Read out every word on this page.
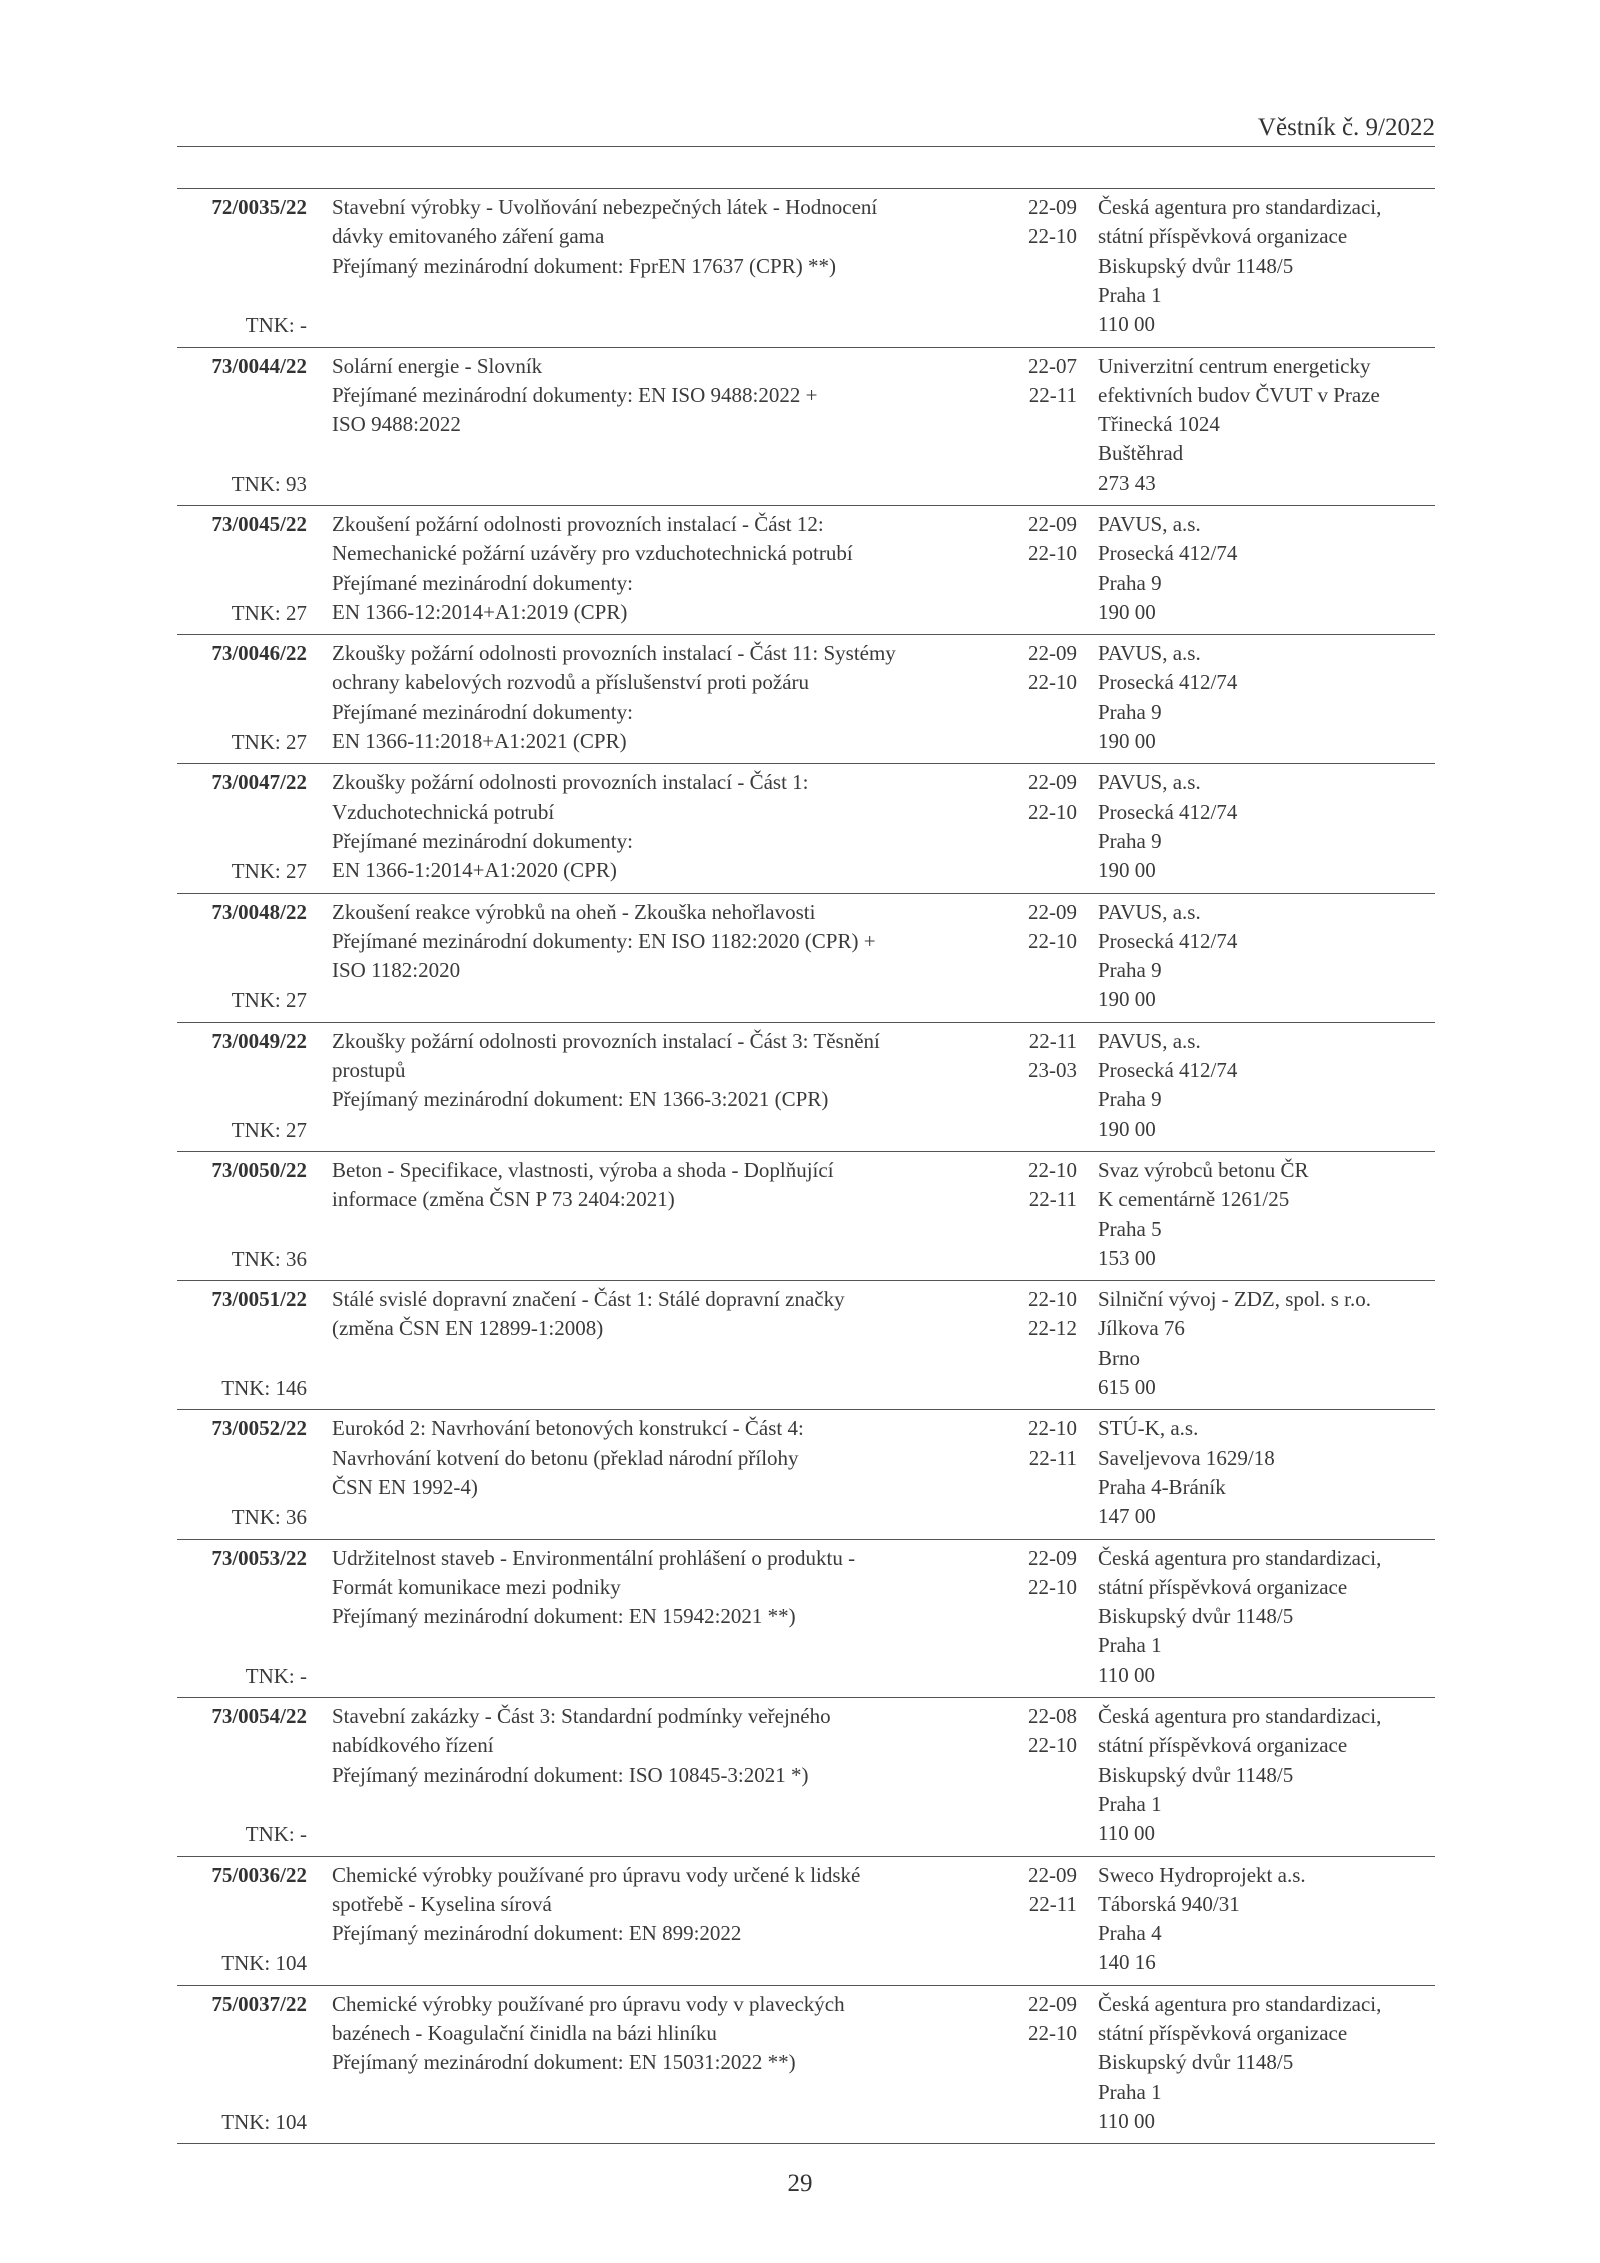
Věstník č. 9/2022
72/0035/22
TNK: -
Stavební výrobky - Uvolňování nebezpečných látek - Hodnocení
dávky emitovaného záření gama
Přejímaný mezinárodní dokument: FprEN 17637 (CPR) **)
22-09
22-10
Česká agentura pro standardizaci,
státní příspěvková organizace
Biskupský dvůr 1148/5
Praha 1
110 00
73/0044/22
TNK: 93
Solární energie - Slovník
Přejímané mezinárodní dokumenty: EN ISO 9488:2022 +
ISO 9488:2022
22-07
22-11
Univerzitní centrum energeticky
efektivních budov ČVUT v Praze
Třinecká 1024
Buštěhrad
273 43
73/0045/22
TNK: 27
Zkoušení požární odolnosti provozních instalací - Část 12:
Nemechanické požární uzávěry pro vzduchotechnická potrubí
Přejímané mezinárodní dokumenty:
EN 1366-12:2014+A1:2019 (CPR)
22-09
22-10
PAVUS, a.s.
Prosecká 412/74
Praha 9
190 00
73/0046/22
TNK: 27
Zkoušky požární odolnosti provozních instalací - Část 11: Systémy
ochrany kabelových rozvodů a příslušenství proti požáru
Přejímané mezinárodní dokumenty:
EN 1366-11:2018+A1:2021 (CPR)
22-09
22-10
PAVUS, a.s.
Prosecká 412/74
Praha 9
190 00
73/0047/22
TNK: 27
Zkoušky požární odolnosti provozních instalací - Část 1:
Vzduchotechnická potrubí
Přejímané mezinárodní dokumenty:
EN 1366-1:2014+A1:2020 (CPR)
22-09
22-10
PAVUS, a.s.
Prosecká 412/74
Praha 9
190 00
73/0048/22
TNK: 27
Zkoušení reakce výrobků na oheň - Zkouška nehořlavosti
Přejímané mezinárodní dokumenty: EN ISO 1182:2020 (CPR) +
ISO 1182:2020
22-09
22-10
PAVUS, a.s.
Prosecká 412/74
Praha 9
190 00
73/0049/22
TNK: 27
Zkoušky požární odolnosti provozních instalací - Část 3: Těsnění
prostupů
Přejímaný mezinárodní dokument: EN 1366-3:2021 (CPR)
22-11
23-03
PAVUS, a.s.
Prosecká 412/74
Praha 9
190 00
73/0050/22
TNK: 36
Beton - Specifikace, vlastnosti, výroba a shoda - Doplňující
informace (změna ČSN P 73 2404:2021)
22-10
22-11
Svaz výrobců betonu ČR
K cementárně 1261/25
Praha 5
153 00
73/0051/22
TNK: 146
Stálé svislé dopravní značení - Část 1: Stálé dopravní značky
(změna ČSN EN 12899-1:2008)
22-10
22-12
Silniční vývoj - ZDZ, spol. s r.o.
Jílkova 76
Brno
615 00
73/0052/22
TNK: 36
Eurokód 2: Navrhování betonových konstrukcí - Část 4:
Navrhování kotvení do betonu (překlad národní přílohy
ČSN EN 1992-4)
22-10
22-11
STÚ-K, a.s.
Saveljevova 1629/18
Praha 4-Bráník
147 00
73/0053/22
TNK: -
Udržitelnost staveb - Environmentální prohlášení o produktu -
Formát komunikace mezi podniky
Přejímaný mezinárodní dokument: EN 15942:2021 **)
22-09
22-10
Česká agentura pro standardizaci,
státní příspěvková organizace
Biskupský dvůr 1148/5
Praha 1
110 00
73/0054/22
TNK: -
Stavební zakázky - Část 3: Standardní podmínky veřejného
nabídkového řízení
Přejímaný mezinárodní dokument: ISO 10845-3:2021 *)
22-08
22-10
Česká agentura pro standardizaci,
státní příspěvková organizace
Biskupský dvůr 1148/5
Praha 1
110 00
75/0036/22
TNK: 104
Chemické výrobky používané pro úpravu vody určené k lidské
spotřebě - Kyselina sírová
Přejímaný mezinárodní dokument: EN 899:2022
22-09
22-11
Sweco Hydroprojekt a.s.
Táborská 940/31
Praha 4
140 16
75/0037/22
TNK: 104
Chemické výrobky používané pro úpravu vody v plaveckých
bazénech - Koagulační činidla na bázi hliníku
Přejímaný mezinárodní dokument: EN 15031:2022 **)
22-09
22-10
Česká agentura pro standardizaci,
státní příspěvková organizace
Biskupský dvůr 1148/5
Praha 1
110 00
29
